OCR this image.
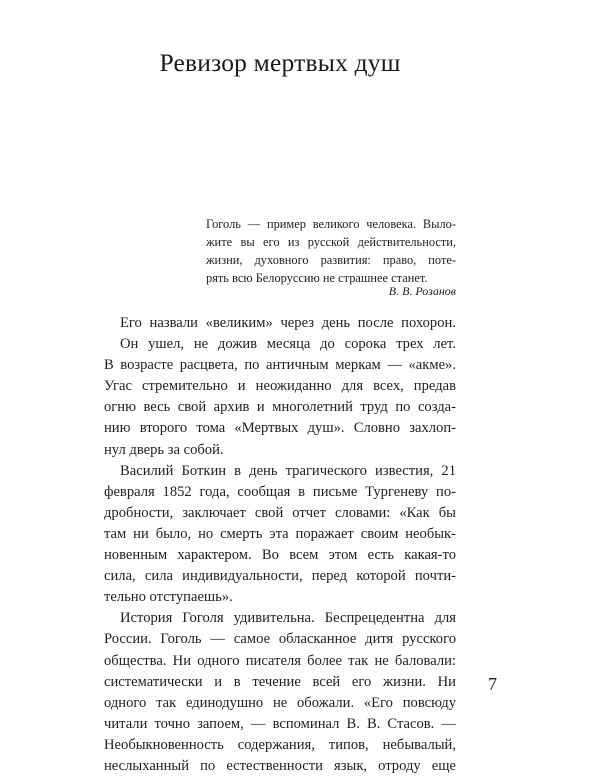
Ревизор мертвых душ
Гоголь — пример великого человека. Выло-
жите вы его из русской действительности,
жизни, духовного развития: право, поте-
рять всю Белоруссию не страшнее станет.
В. В. Розанов
Его назвали «великим» через день после похорон.
Он ушел, не дожив месяца до сорока трех лет.
В возрасте расцвета, по античным меркам — «акме».
Угас стремительно и неожиданно для всех, предав
огню весь свой архив и многолетний труд по созда-
нию второго тома «Мертвых душ». Словно захлоп-
нул дверь за собой.
Василий Боткин в день трагического известия, 21
февраля 1852 года, сообщая в письме Тургеневу по-
дробности, заключает свой отчет словами: «Как бы
там ни было, но смерть эта поражает своим необык-
новенным характером. Во всем этом есть какая-то
сила, сила индивидуальности, перед которой почти-
тельно отступаешь».
История Гоголя удивительна. Беспрецедентна для
России. Гоголь — самое обласканное дитя русского
общества. Ни одного писателя более так не баловали:
систематически и в течение всей его жизни. Ни
одного так единодушно не обожали. «Его повсюду
читали точно запоем, — вспоминал В. В. Стасов. —
Необыкновенность содержания, типов, небывалый,
неслыханный по естественности язык, отроду еще
7
